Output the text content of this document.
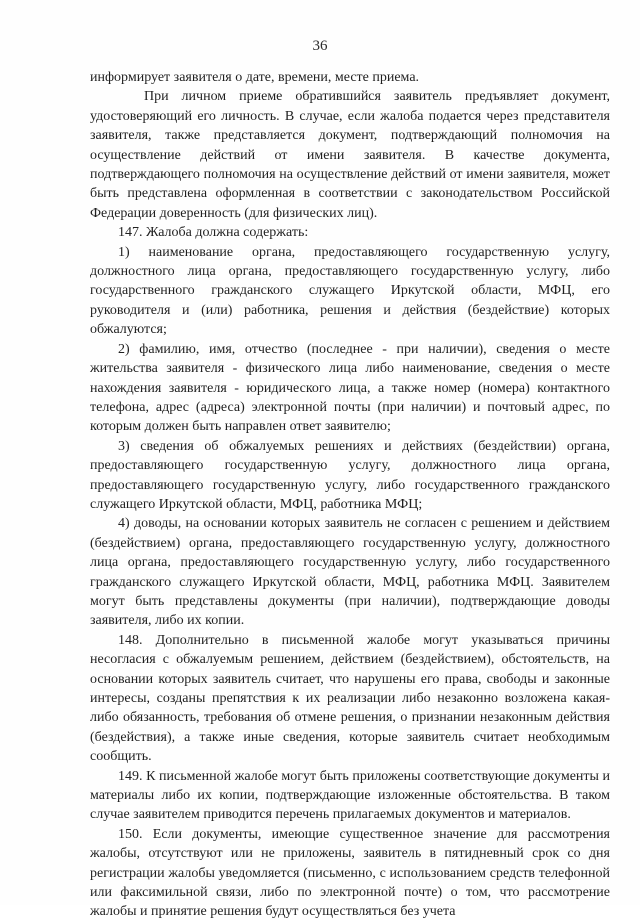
36

информирует заявителя о дате, времени, месте приема.

При личном приеме обратившийся заявитель предъявляет документ, удостоверяющий его личность. В случае, если жалоба подается через представителя заявителя, также представляется документ, подтверждающий полномочия на осуществление действий от имени заявителя. В качестве документа, подтверждающего полномочия на осуществление действий от имени заявителя, может быть представлена оформленная в соответствии с законодательством Российской Федерации доверенность (для физических лиц).

147. Жалоба должна содержать:

1) наименование органа, предоставляющего государственную услугу, должностного лица органа, предоставляющего государственную услугу, либо государственного гражданского служащего Иркутской области, МФЦ, его руководителя и (или) работника, решения и действия (бездействие) которых обжалуются;

2) фамилию, имя, отчество (последнее - при наличии), сведения о месте жительства заявителя - физического лица либо наименование, сведения о месте нахождения заявителя - юридического лица, а также номер (номера) контактного телефона, адрес (адреса) электронной почты (при наличии) и почтовый адрес, по которым должен быть направлен ответ заявителю;

3) сведения об обжалуемых решениях и действиях (бездействии) органа, предоставляющего государственную услугу, должностного лица органа, предоставляющего государственную услугу, либо государственного гражданского служащего Иркутской области, МФЦ, работника МФЦ;

4) доводы, на основании которых заявитель не согласен с решением и действием (бездействием) органа, предоставляющего государственную услугу, должностного лица органа, предоставляющего государственную услугу, либо государственного гражданского служащего Иркутской области, МФЦ, работника МФЦ. Заявителем могут быть представлены документы (при наличии), подтверждающие доводы заявителя, либо их копии.

148. Дополнительно в письменной жалобе могут указываться причины несогласия с обжалуемым решением, действием (бездействием), обстоятельств, на основании которых заявитель считает, что нарушены его права, свободы и законные интересы, созданы препятствия к их реализации либо незаконно возложена какая-либо обязанность, требования об отмене решения, о признании незаконным действия (бездействия), а также иные сведения, которые заявитель считает необходимым сообщить.

149. К письменной жалобе могут быть приложены соответствующие документы и материалы либо их копии, подтверждающие изложенные обстоятельства. В таком случае заявителем приводится перечень прилагаемых документов и материалов.

150. Если документы, имеющие существенное значение для рассмотрения жалобы, отсутствуют или не приложены, заявитель в пятидневный срок со дня регистрации жалобы уведомляется (письменно, с использованием средств телефонной или факсимильной связи, либо по электронной почте) о том, что рассмотрение жалобы и принятие решения будут осуществляться без учета
